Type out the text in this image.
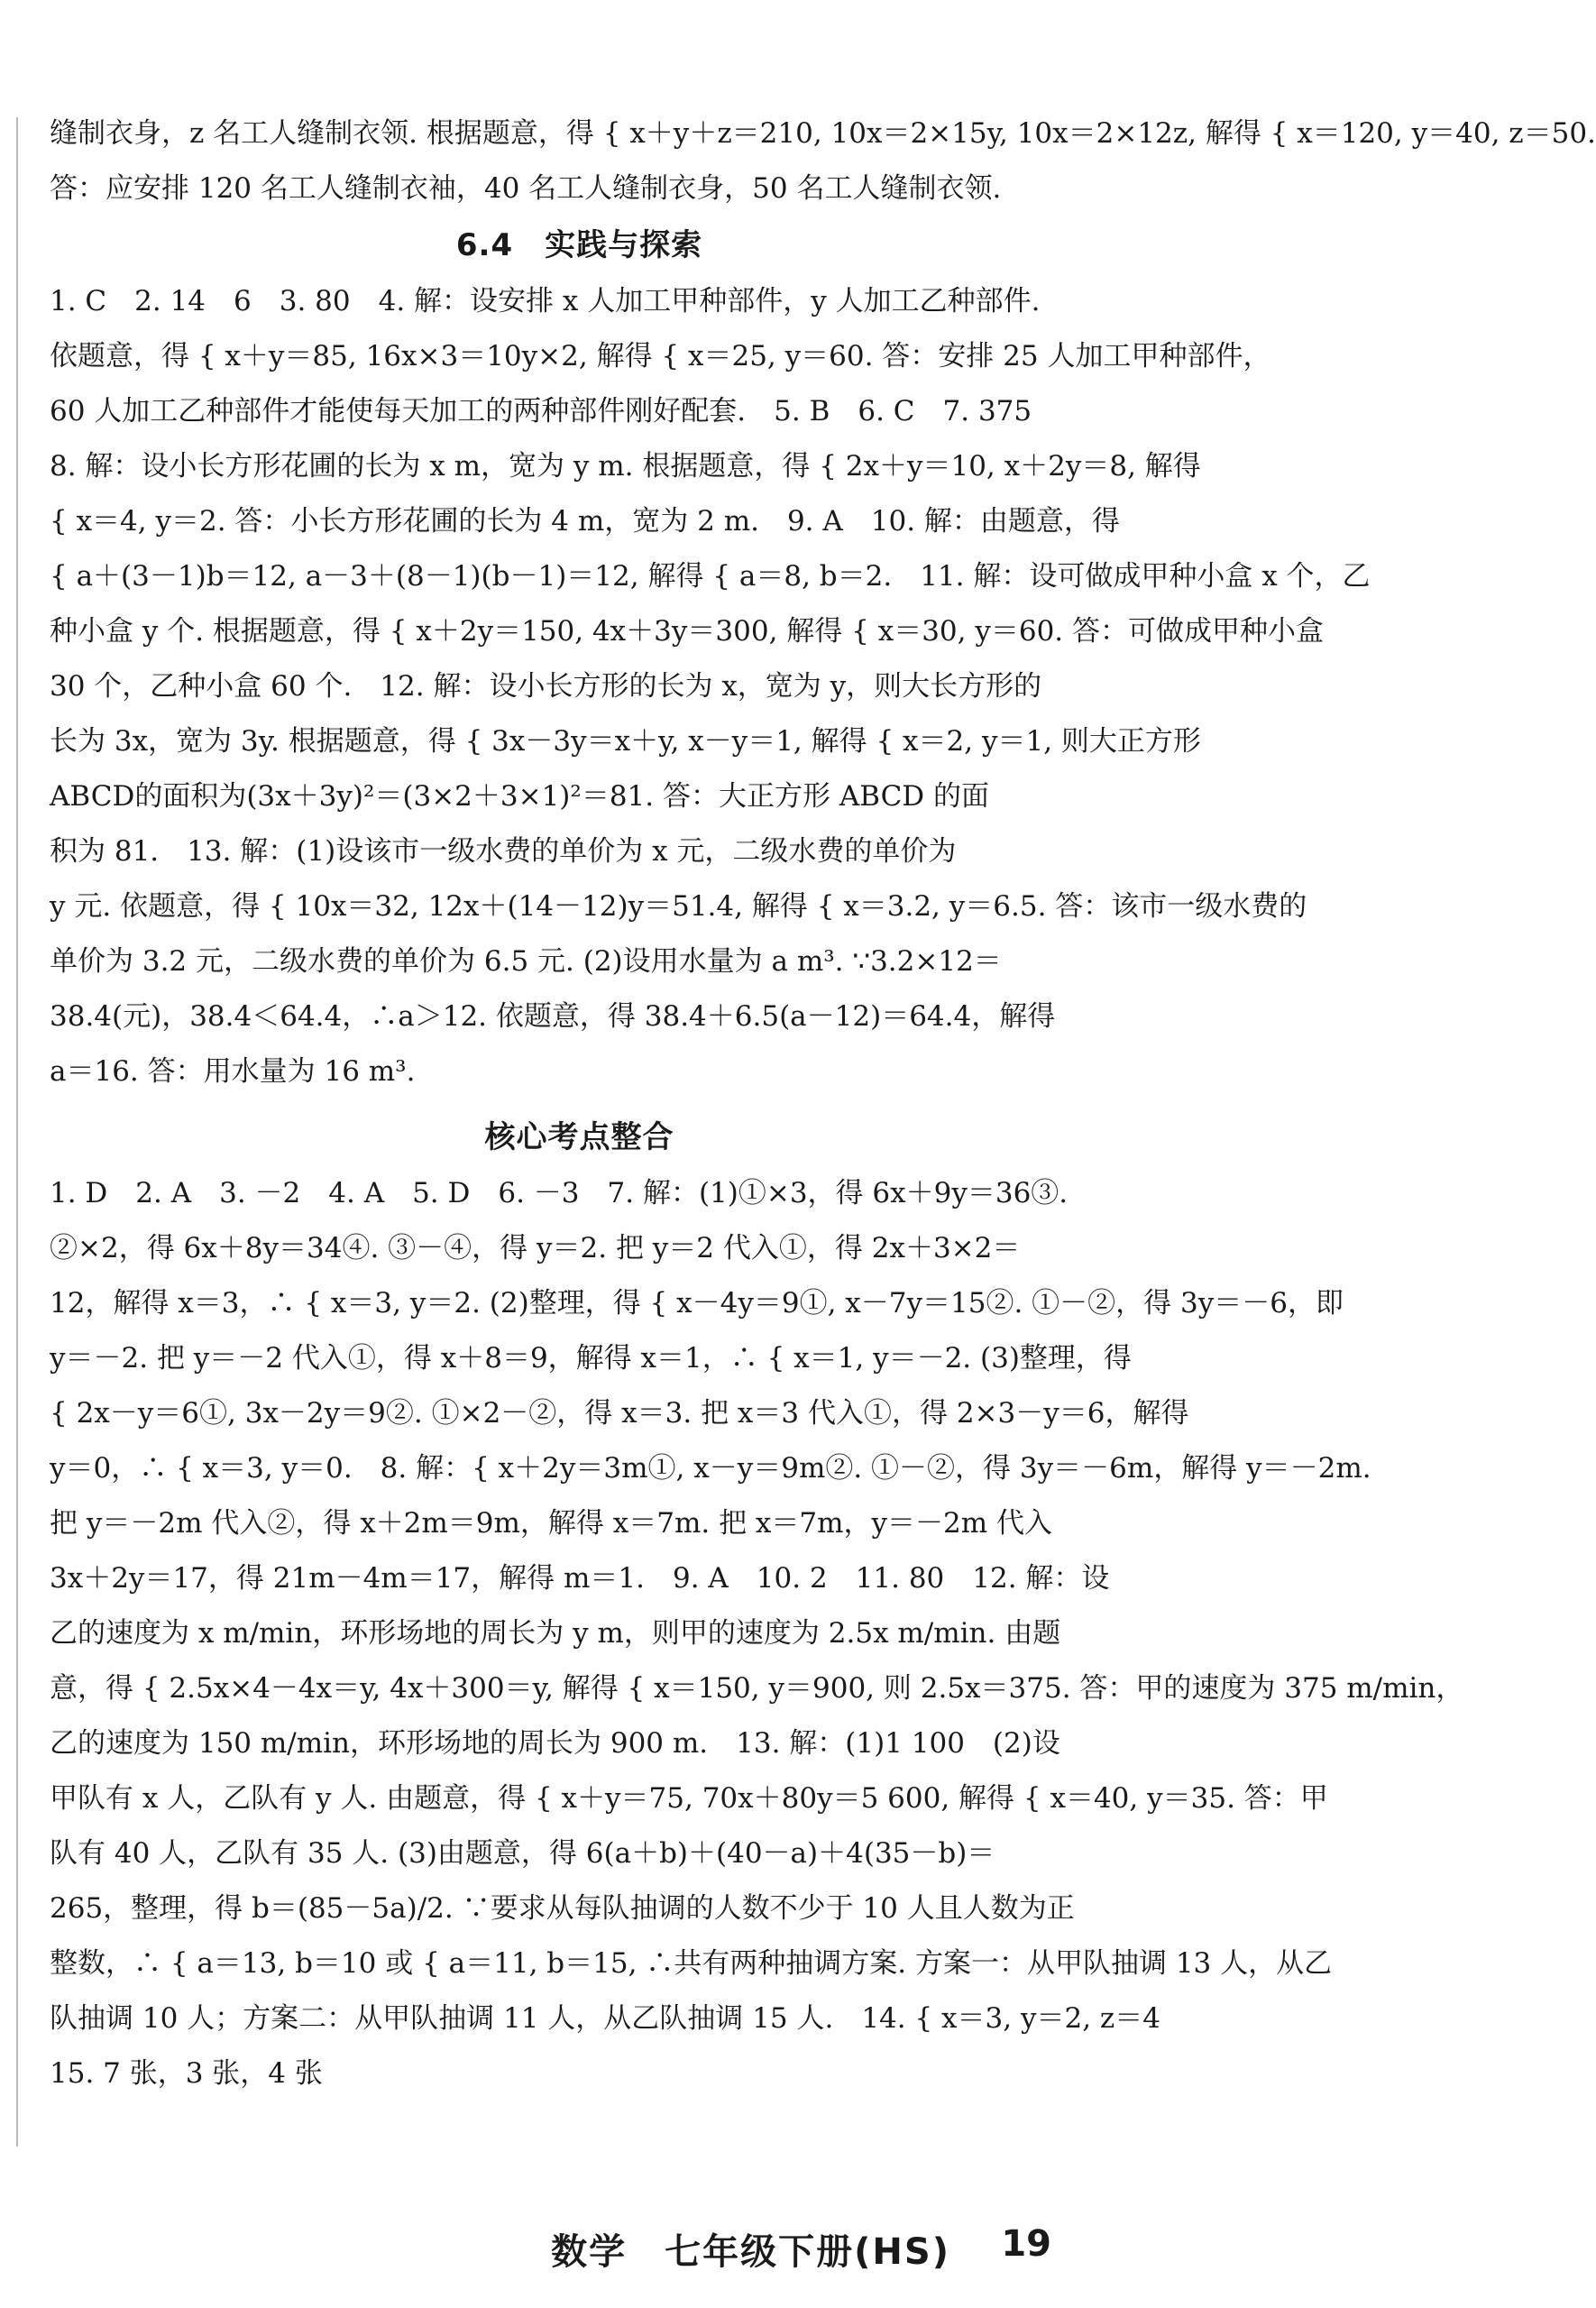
缝制衣身，z 名工人缝制衣领. 根据题意，得 { x＋y＋z＝210, 10x＝2×15y, 10x＝2×12z, 解得 { x＝120, y＝40, z＝50.
答：应安排 120 名工人缝制衣袖，40 名工人缝制衣身，50 名工人缝制衣领.
6.4　实践与探索
1. C　2. 14　6　3. 80　4. 解：设安排 x 人加工甲种部件，y 人加工乙种部件.
依题意，得 { x＋y＝85, 16x×3＝10y×2, 解得 { x＝25, y＝60. 答：安排 25 人加工甲种部件，
60 人加工乙种部件才能使每天加工的两种部件刚好配套.　5. B　6. C　7. 375
8. 解：设小长方形花圃的长为 x m，宽为 y m. 根据题意，得 { 2x＋y＝10, x＋2y＝8, 解得
{ x＝4, y＝2. 答：小长方形花圃的长为 4 m，宽为 2 m.　9. A　10. 解：由题意，得
{ a＋(3－1)b＝12, a－3＋(8－1)(b－1)＝12, 解得 { a＝8, b＝2.　11. 解：设可做成甲种小盒 x 个，乙
种小盒 y 个. 根据题意，得 { x＋2y＝150, 4x＋3y＝300, 解得 { x＝30, y＝60. 答：可做成甲种小盒
30 个，乙种小盒 60 个.　12. 解：设小长方形的长为 x，宽为 y，则大长方形的
长为 3x，宽为 3y. 根据题意，得 { 3x－3y＝x＋y, x－y＝1, 解得 { x＝2, y＝1, 则大正方形
ABCD的面积为(3x＋3y)²＝(3×2＋3×1)²＝81. 答：大正方形 ABCD 的面
积为 81.　13. 解：(1)设该市一级水费的单价为 x 元，二级水费的单价为
y 元. 依题意，得 { 10x＝32, 12x＋(14－12)y＝51.4, 解得 { x＝3.2, y＝6.5. 答：该市一级水费的
单价为 3.2 元，二级水费的单价为 6.5 元. (2)设用水量为 a m³. ∵3.2×12＝
38.4(元)，38.4＜64.4，∴a＞12. 依题意，得 38.4＋6.5(a－12)＝64.4，解得
a＝16. 答：用水量为 16 m³.
核心考点整合
1. D　2. A　3. －2　4. A　5. D　6. －3　7. 解：(1)①×3，得 6x＋9y＝36③.
②×2，得 6x＋8y＝34④. ③－④，得 y＝2. 把 y＝2 代入①，得 2x＋3×2＝
12，解得 x＝3，∴ { x＝3, y＝2. (2)整理，得 { x－4y＝9①, x－7y＝15②. ①－②，得 3y＝－6，即
y＝－2. 把 y＝－2 代入①，得 x＋8＝9，解得 x＝1，∴ { x＝1, y＝－2. (3)整理，得
{ 2x－y＝6①, 3x－2y＝9②. ①×2－②，得 x＝3. 把 x＝3 代入①，得 2×3－y＝6，解得
y＝0，∴ { x＝3, y＝0.　8. 解：{ x＋2y＝3m①, x－y＝9m②. ①－②，得 3y＝－6m，解得 y＝－2m.
把 y＝－2m 代入②，得 x＋2m＝9m，解得 x＝7m. 把 x＝7m，y＝－2m 代入
3x＋2y＝17，得 21m－4m＝17，解得 m＝1.　9. A　10. 2　11. 80　12. 解：设
乙的速度为 x m/min，环形场地的周长为 y m，则甲的速度为 2.5x m/min. 由题
意，得 { 2.5x×4－4x＝y, 4x＋300＝y, 解得 { x＝150, y＝900, 则 2.5x＝375. 答：甲的速度为 375 m/min，
乙的速度为 150 m/min，环形场地的周长为 900 m.　13. 解：(1)1 100　(2)设
甲队有 x 人，乙队有 y 人. 由题意，得 { x＋y＝75, 70x＋80y＝5 600, 解得 { x＝40, y＝35. 答：甲
队有 40 人，乙队有 35 人. (3)由题意，得 6(a＋b)＋(40－a)＋4(35－b)＝
265，整理，得 b＝(85－5a)/2. ∵要求从每队抽调的人数不少于 10 人且人数为正
整数，∴ { a＝13, b＝10 或 { a＝11, b＝15, ∴共有两种抽调方案. 方案一：从甲队抽调 13 人，从乙
队抽调 10 人；方案二：从甲队抽调 11 人，从乙队抽调 15 人.　14. { x＝3, y＝2, z＝4
15. 7 张，3 张，4 张
数学　七年级下册(HS) 19
